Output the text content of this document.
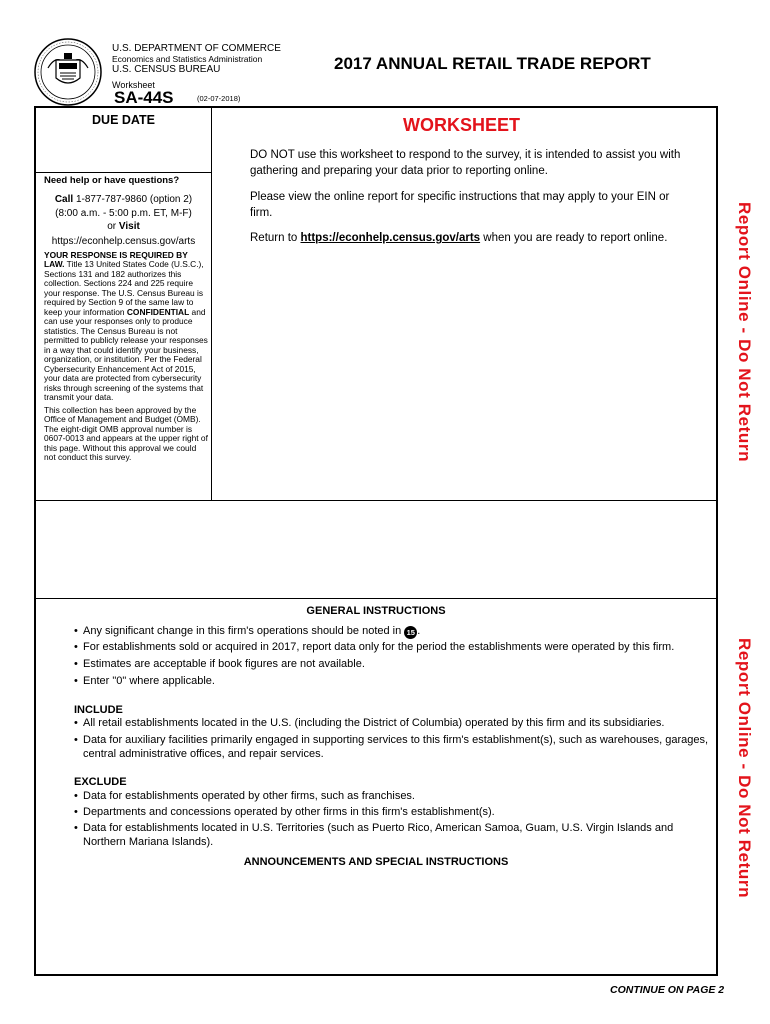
U.S. DEPARTMENT OF COMMERCE
Economics and Statistics Administration
U.S. CENSUS BUREAU
Worksheet
SA-44S	(02-07-2018)
2017 ANNUAL RETAIL TRADE REPORT
DUE DATE	WORKSHEET
DO NOT use this worksheet to respond to the survey, it is intended to assist you with gathering and preparing your data prior to reporting online.
Please view the online report for specific instructions that may apply to your EIN or firm.
Return to https://econhelp.census.gov/arts when you are ready to report online.
Need help or have questions?
Call 1-877-787-9860 (option 2)
(8:00 a.m. - 5:00 p.m. ET, M-F)
or Visit
https://econhelp.census.gov/arts

YOUR RESPONSE IS REQUIRED BY LAW. Title 13 United States Code (U.S.C.), Sections 131 and 182 authorizes this collection. Sections 224 and 225 require your response. The U.S. Census Bureau is required by Section 9 of the same law to keep your information CONFIDENTIAL and can use your responses only to produce statistics. The Census Bureau is not permitted to publicly release your responses in a way that could identify your business, organization, or institution. Per the Federal Cybersecurity Enhancement Act of 2015, your data are protected from cybersecurity risks through screening of the systems that transmit your data.

This collection has been approved by the Office of Management and Budget (OMB). The eight-digit OMB approval number is 0607-0013 and appears at the upper right of this page. Without this approval we could not conduct this survey.	Report Online - Do Not Return
Report Online - Do Not Return
GENERAL INSTRUCTIONS
• Any significant change in this firm's operations should be noted in 15 .
• For establishments sold or acquired in 2017, report data only for the period the establishments were operated by this firm.
• Estimates are acceptable if book figures are not available.
• Enter "0" where applicable.
INCLUDE
• All retail establishments located in the U.S. (including the District of Columbia) operated by this firm and its subsidiaries.
• Data for auxiliary facilities primarily engaged in supporting services to this firm's establishment(s), such as warehouses, garages, central administrative offices, and repair services.
EXCLUDE
• Data for establishments operated by other firms, such as franchises.
• Departments and concessions operated by other firms in this firm's establishment(s).
• Data for establishments located in U.S. Territories (such as Puerto Rico, American Samoa, Guam, U.S. Virgin Islands and Northern Mariana Islands).
ANNOUNCEMENTS AND SPECIAL INSTRUCTIONS
CONTINUE ON PAGE 2
